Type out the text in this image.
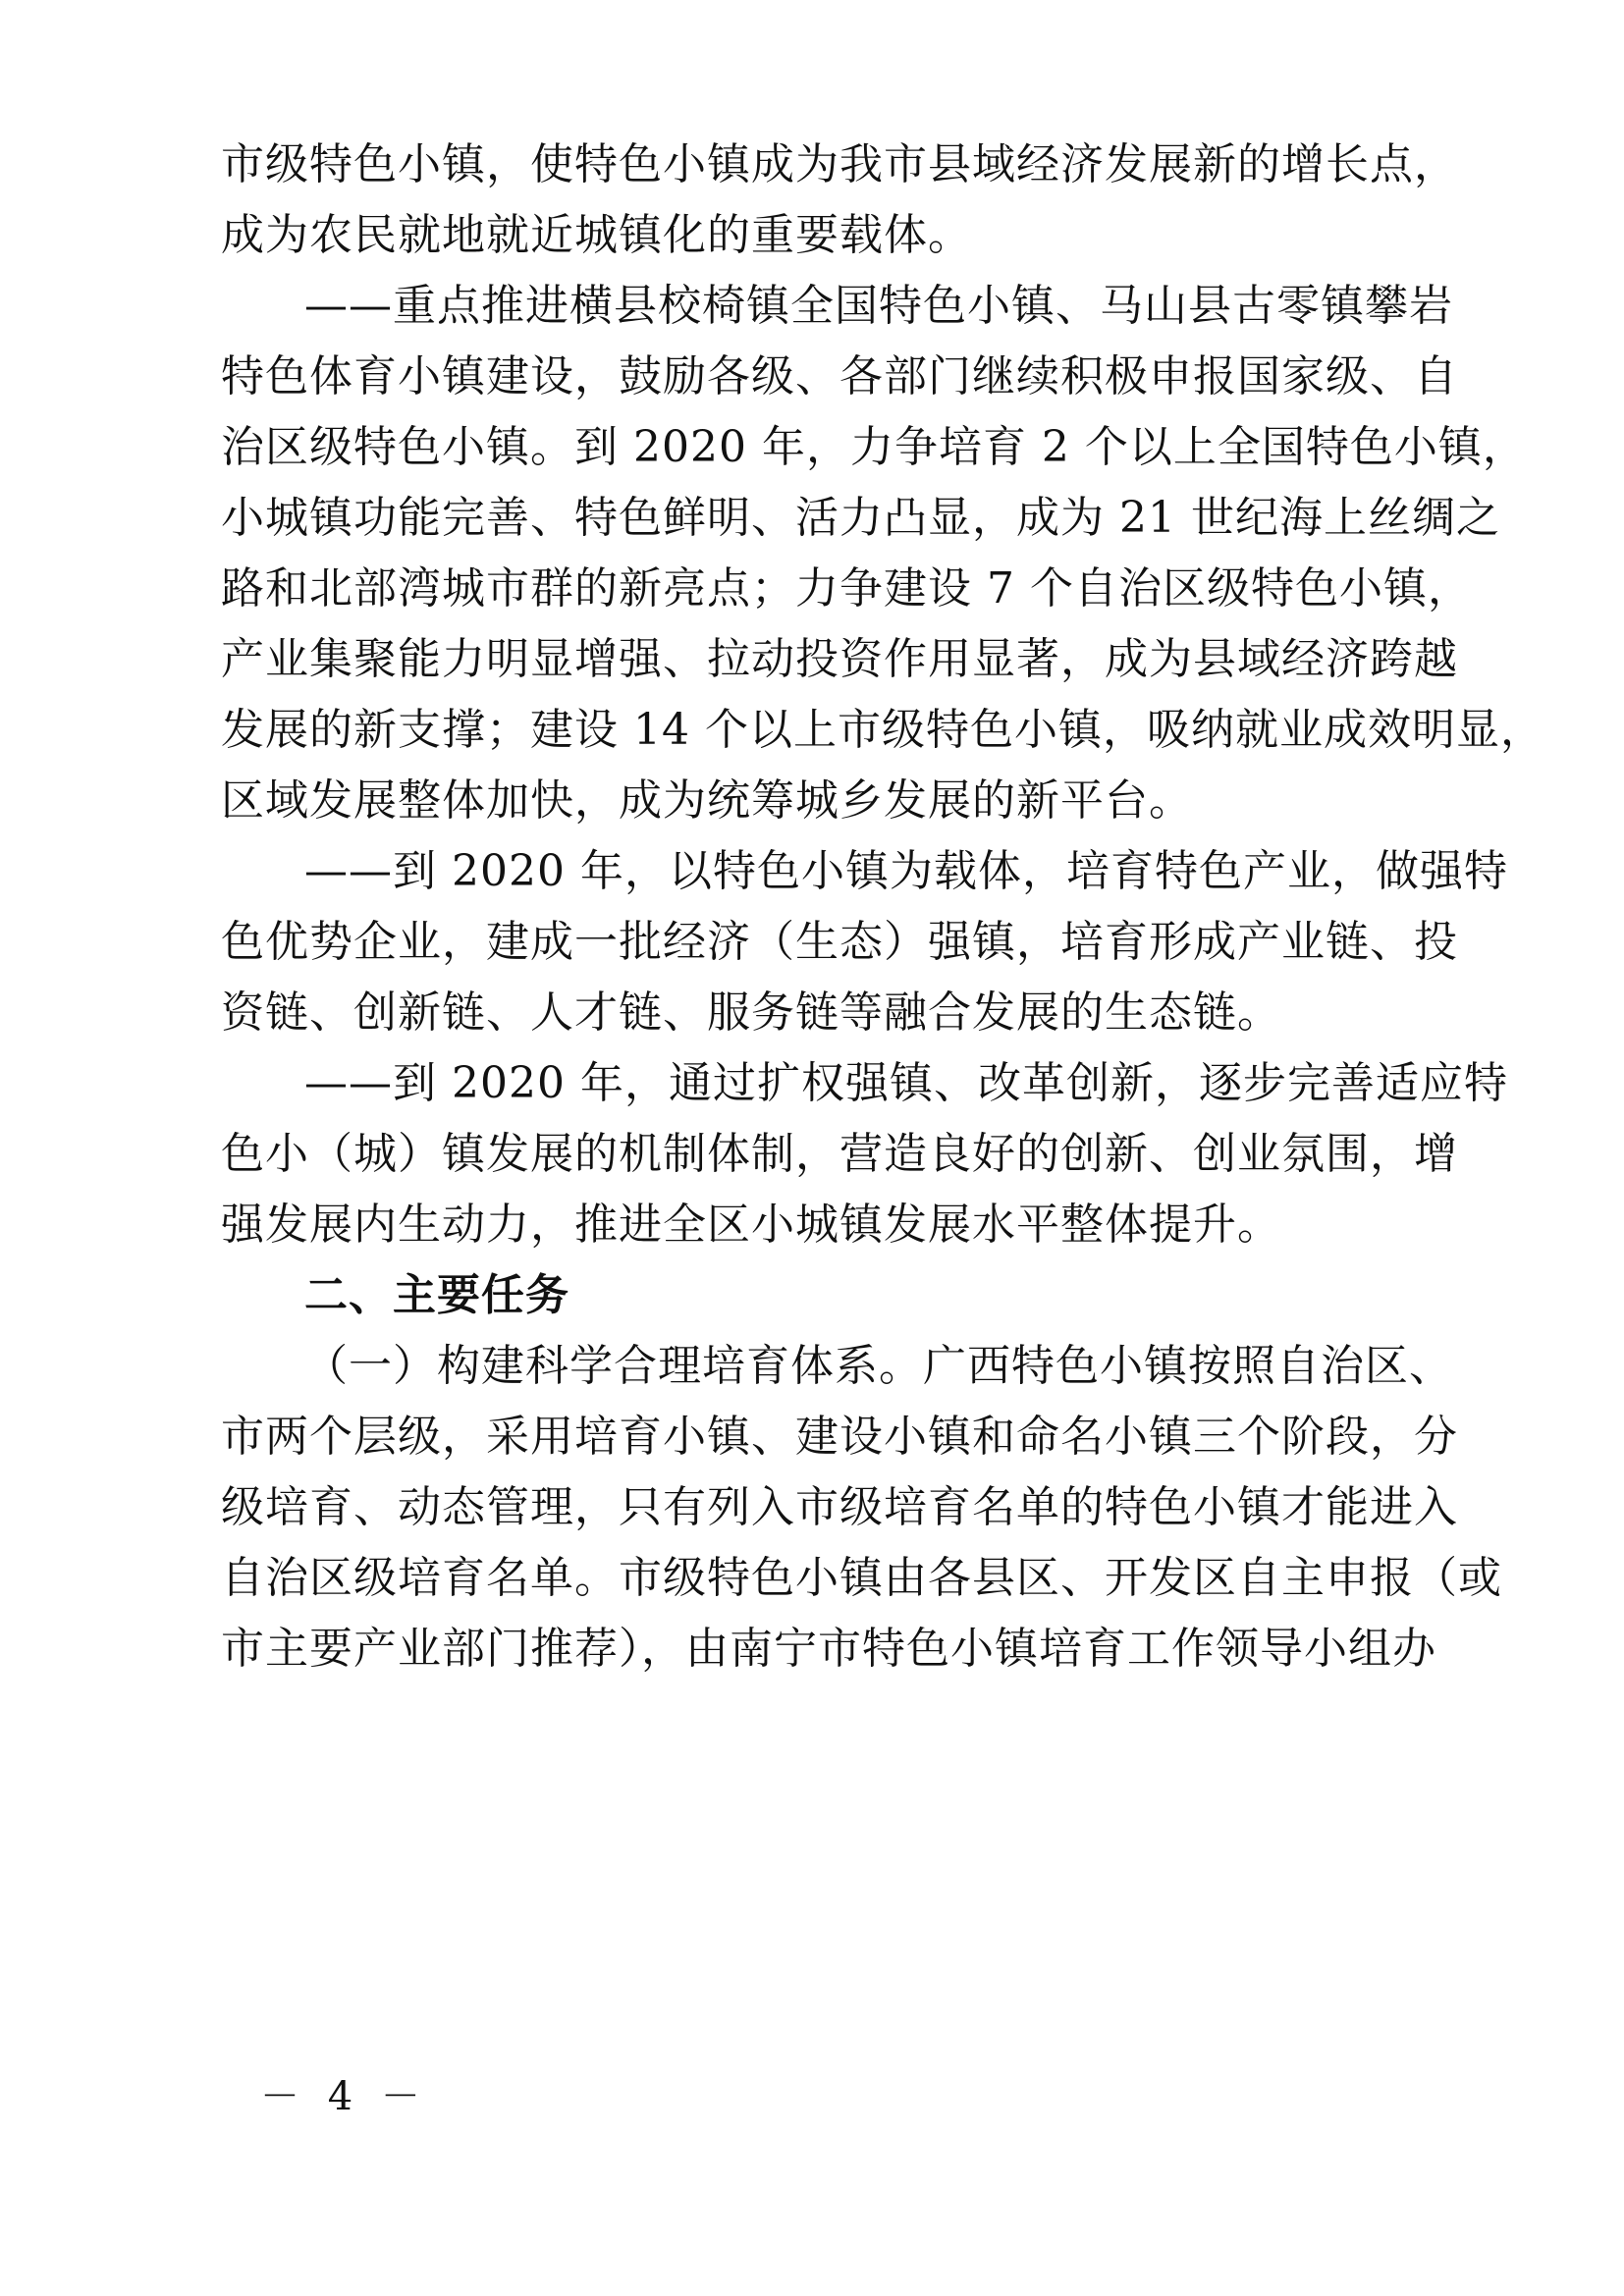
市级特色小镇，使特色小镇成为我市县域经济发展新的增长点，
成为农民就地就近城镇化的重要载体。
——重点推进横县校椅镇全国特色小镇、马山县古零镇攀岩
特色体育小镇建设，鼓励各级、各部门继续积极申报国家级、自
治区级特色小镇。到 2020 年，力争培育 2 个以上全国特色小镇，
小城镇功能完善、特色鲜明、活力凸显，成为 21 世纪海上丝绸之
路和北部湾城市群的新亮点；力争建设 7 个自治区级特色小镇，
产业集聚能力明显增强、拉动投资作用显著，成为县域经济跨越
发展的新支撑；建设 14 个以上市级特色小镇，吸纳就业成效明显，
区域发展整体加快，成为统筹城乡发展的新平台。
——到 2020 年，以特色小镇为载体，培育特色产业，做强特
色优势企业，建成一批经济（生态）强镇，培育形成产业链、投
资链、创新链、人才链、服务链等融合发展的生态链。
——到 2020 年，通过扩权强镇、改革创新，逐步完善适应特
色小（城）镇发展的机制体制，营造良好的创新、创业氛围，增
强发展内生动力，推进全区小城镇发展水平整体提升。
二、主要任务
（一）构建科学合理培育体系。广西特色小镇按照自治区、
市两个层级，采用培育小镇、建设小镇和命名小镇三个阶段，分
级培育、动态管理，只有列入市级培育名单的特色小镇才能进入
自治区级培育名单。市级特色小镇由各县区、开发区自主申报（或
市主要产业部门推荐），由南宁市特色小镇培育工作领导小组办
－ 4 －
